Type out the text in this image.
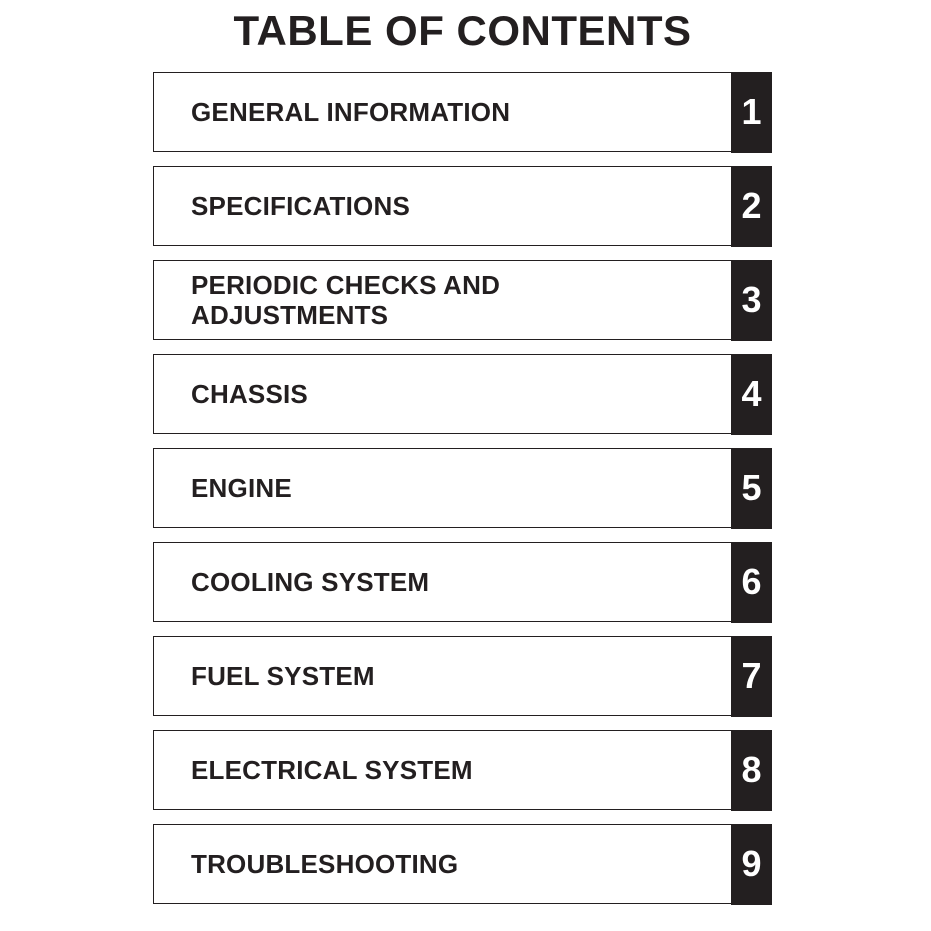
TABLE OF CONTENTS
GENERAL INFORMATION	1
SPECIFICATIONS	2
PERIODIC CHECKS AND
ADJUSTMENTS	3
CHASSIS	4
ENGINE	5
COOLING SYSTEM	6
FUEL SYSTEM	7
ELECTRICAL SYSTEM	8
TROUBLESHOOTING	9
